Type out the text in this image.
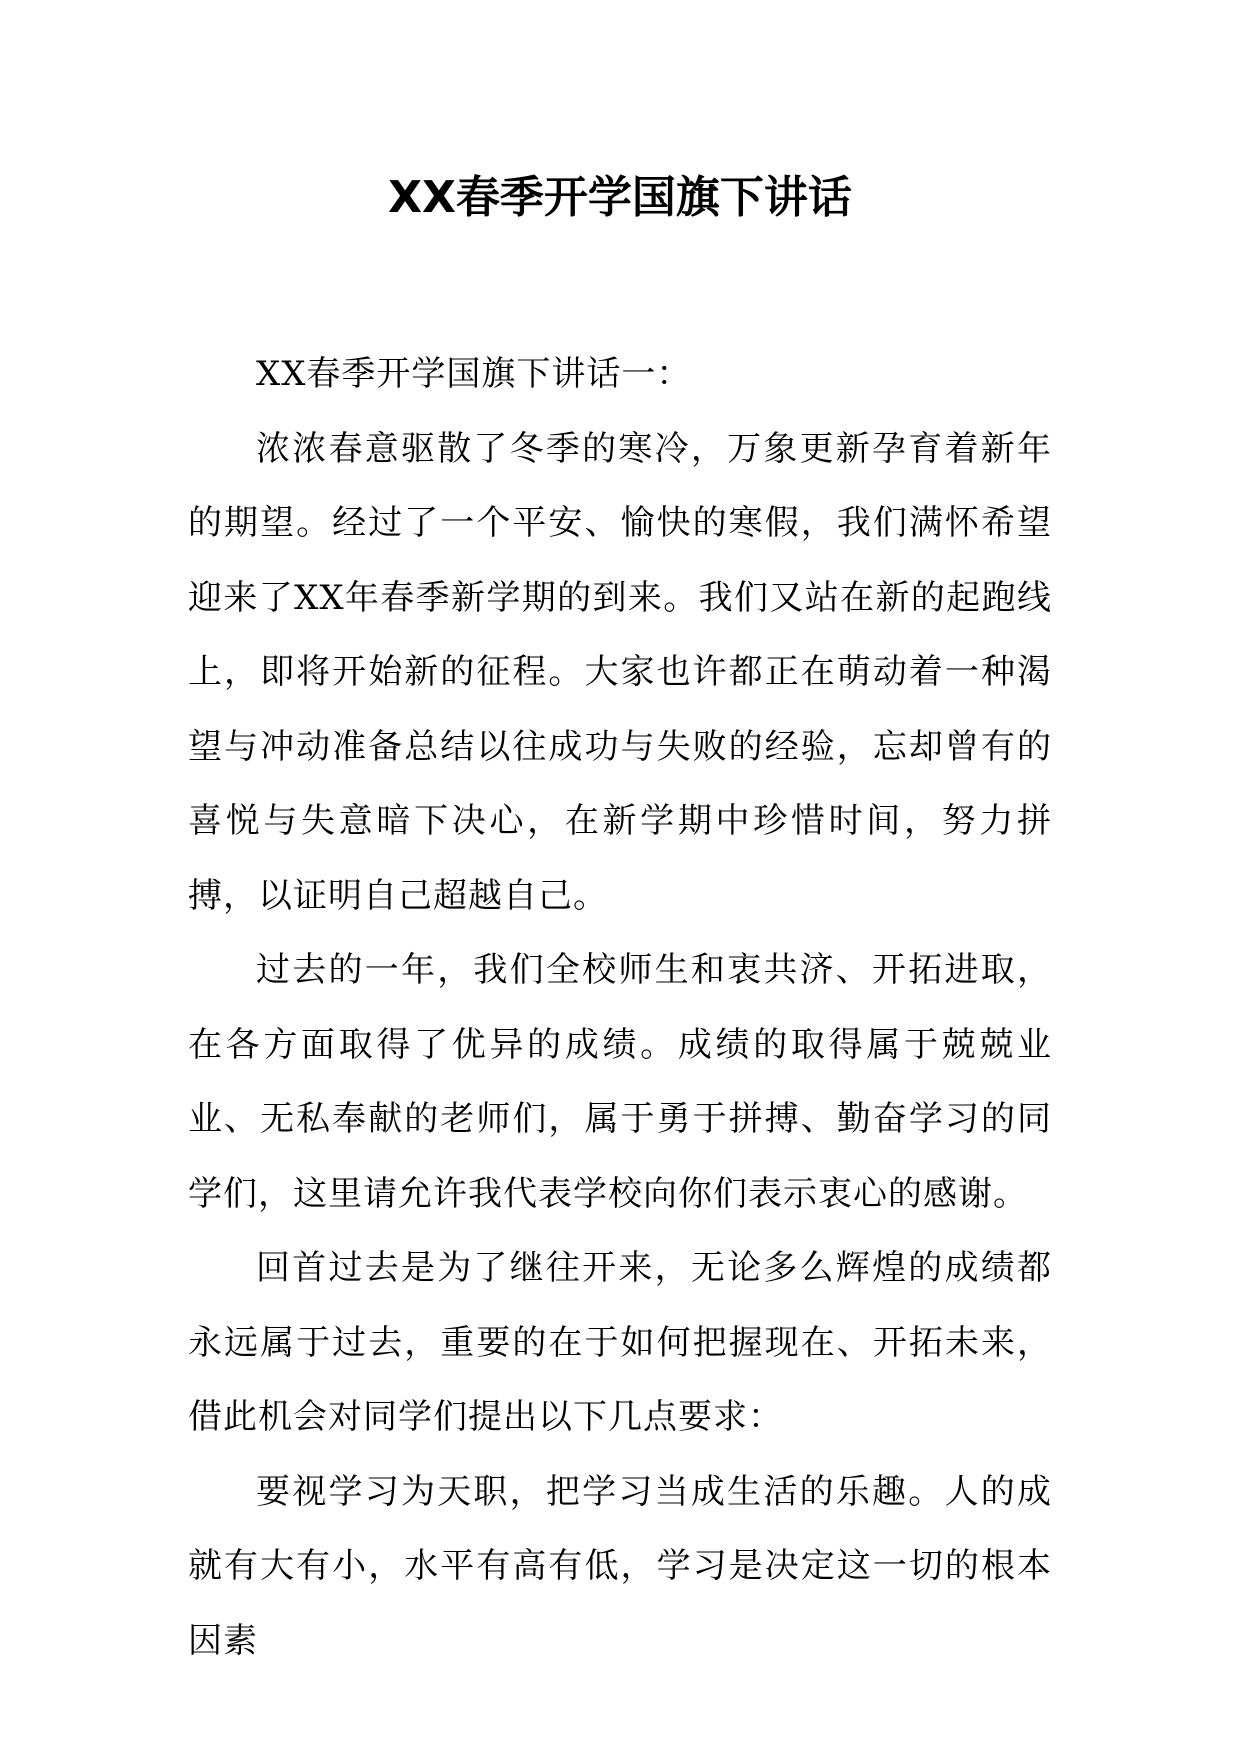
XX春季开学国旗下讲话

XX春季开学国旗下讲话一：

浓浓春意驱散了冬季的寒冷，万象更新孕育着新年的期望。经过了一个平安、愉快的寒假，我们满怀希望迎来了XX年春季新学期的到来。我们又站在新的起跑线上，即将开始新的征程。大家也许都正在萌动着一种渴望与冲动准备总结以往成功与失败的经验，忘却曾有的喜悦与失意暗下决心，在新学期中珍惜时间，努力拼搏，以证明自己超越自己。

过去的一年，我们全校师生和衷共济、开拓进取，在各方面取得了优异的成绩。成绩的取得属于兢兢业业、无私奉献的老师们，属于勇于拼搏、勤奋学习的同学们，这里请允许我代表学校向你们表示衷心的感谢。

回首过去是为了继往开来，无论多么辉煌的成绩都永远属于过去，重要的在于如何把握现在、开拓未来，借此机会对同学们提出以下几点要求：

要视学习为天职，把学习当成生活的乐趣。人的成就有大有小，水平有高有低，学习是决定这一切的根本因素
